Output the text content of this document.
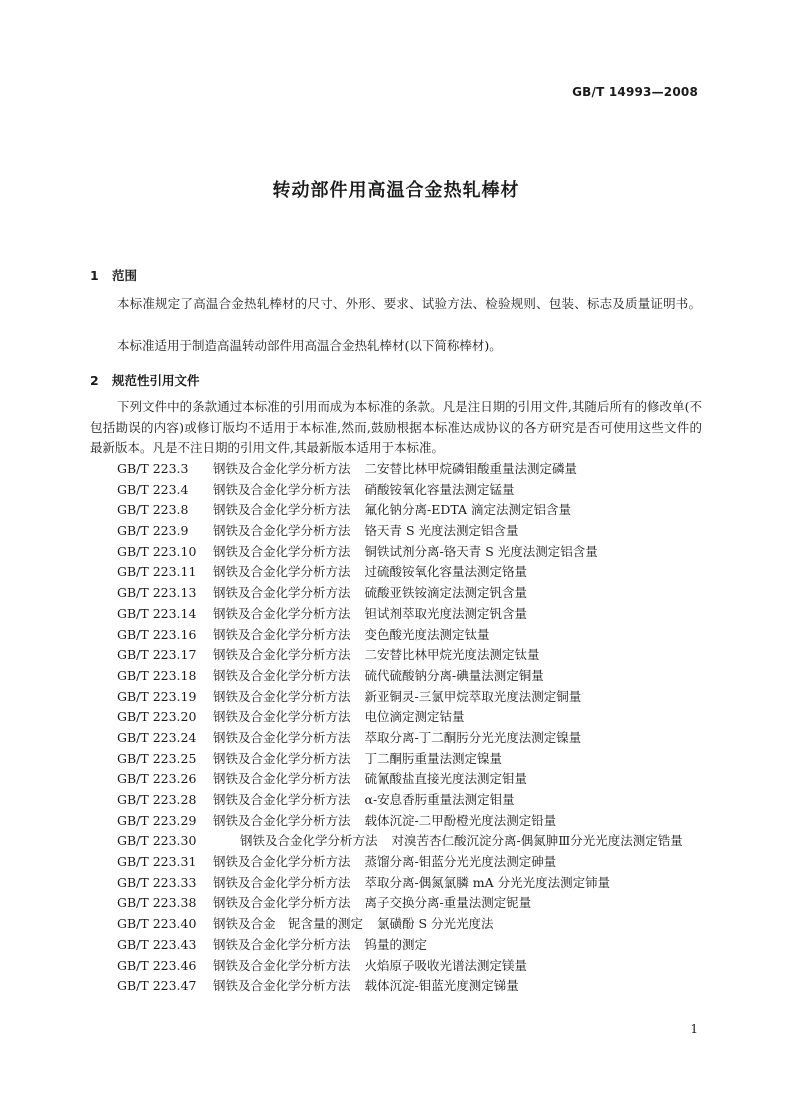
GB/T 14993—2008
转动部件用高温合金热轧棒材
1 范围
本标准规定了高温合金热轧棒材的尺寸、外形、要求、试验方法、检验规则、包装、标志及质量证明书。
本标准适用于制造高温转动部件用高温合金热轧棒材(以下简称棒材)。
2 规范性引用文件
下列文件中的条款通过本标准的引用而成为本标准的条款。凡是注日期的引用文件,其随后所有的修改单(不包括勘误的内容)或修订版均不适用于本标准,然而,鼓励根据本标准达成协议的各方研究是否可使用这些文件的最新版本。凡是不注日期的引用文件,其最新版本适用于本标准。
GB/T 223.3 钢铁及合金化学分析方法 二安替比林甲烷磷钼酸重量法测定磷量
GB/T 223.4 钢铁及合金化学分析方法 硝酸铵氧化容量法测定锰量
GB/T 223.8 钢铁及合金化学分析方法 氟化钠分离-EDTA 滴定法测定铝含量
GB/T 223.9 钢铁及合金化学分析方法 铬天青 S 光度法测定铝含量
GB/T 223.10 钢铁及合金化学分析方法 铜铁试剂分离-铬天青 S 光度法测定铝含量
GB/T 223.11 钢铁及合金化学分析方法 过硫酸铵氧化容量法测定铬量
GB/T 223.13 钢铁及合金化学分析方法 硫酸亚铁铵滴定法测定钒含量
GB/T 223.14 钢铁及合金化学分析方法 钽试剂萃取光度法测定钒含量
GB/T 223.16 钢铁及合金化学分析方法 变色酸光度法测定钛量
GB/T 223.17 钢铁及合金化学分析方法 二安替比林甲烷光度法测定钛量
GB/T 223.18 钢铁及合金化学分析方法 硫代硫酸钠分离-碘量法测定铜量
GB/T 223.19 钢铁及合金化学分析方法 新亚铜灵-三氯甲烷萃取光度法测定铜量
GB/T 223.20 钢铁及合金化学分析方法 电位滴定测定钴量
GB/T 223.24 钢铁及合金化学分析方法 萃取分离-丁二酮肟分光光度法测定镍量
GB/T 223.25 钢铁及合金化学分析方法 丁二酮肟重量法测定镍量
GB/T 223.26 钢铁及合金化学分析方法 硫氰酸盐直接光度法测定钼量
GB/T 223.28 钢铁及合金化学分析方法 α-安息香肟重量法测定钼量
GB/T 223.29 钢铁及合金化学分析方法 载体沉淀-二甲酚橙光度法测定铅量
GB/T 223.30	钢铁及合金化学分析方法 对溴苦杏仁酸沉淀分离-偶氮胂Ⅲ分光光度法测定锆量
GB/T 223.31 钢铁及合金化学分析方法 蒸馏分离-钼蓝分光光度法测定砷量
GB/T 223.33 钢铁及合金化学分析方法 萃取分离-偶氮氯膦 mA 分光光度法测定铈量
GB/T 223.38 钢铁及合金化学分析方法 离子交换分离-重量法测定铌量
GB/T 223.40 钢铁及合金　铌含量的测定 氯磺酚 S 分光光度法
GB/T 223.43 钢铁及合金化学分析方法 钨量的测定
GB/T 223.46 钢铁及合金化学分析方法 火焰原子吸收光谱法测定镁量
GB/T 223.47 钢铁及合金化学分析方法 载体沉淀-钼蓝光度测定锑量
1
